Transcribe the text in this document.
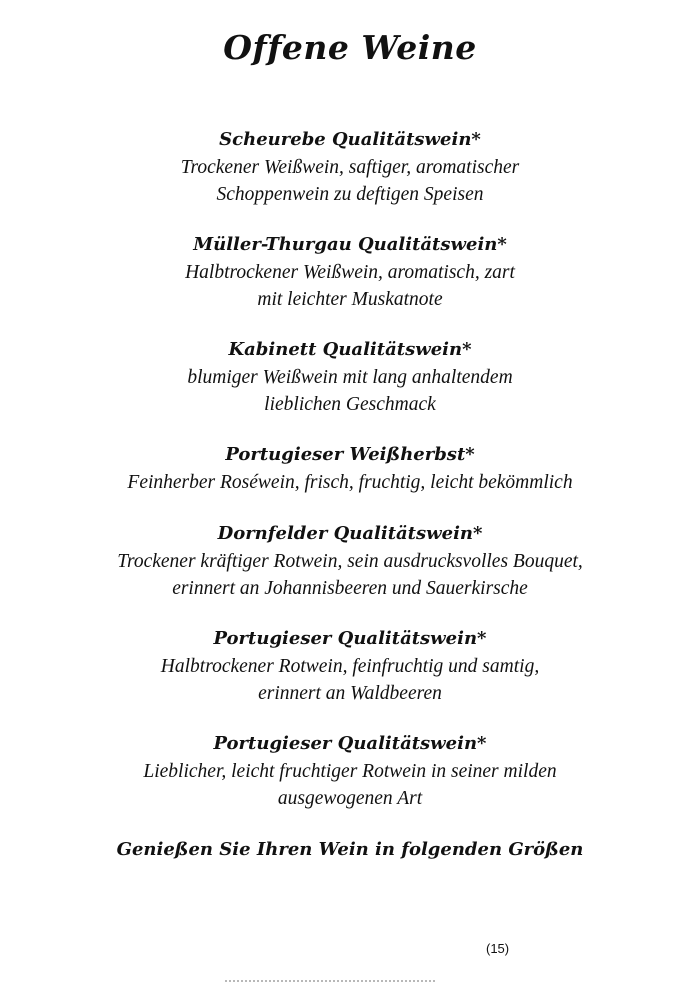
Offene Weine

Scheurebe Qualitätswein*

Trockener Weißwein, saftiger, aromatischer

Schoppenwein zu deftigen Speisen

Müller-Thurgau Qualitätswein*

Halbtrockener Weißwein, aromatisch, zart

mit leichter Muskatnote

Kabinett Qualitätswein*

blumiger Weißwein mit lang anhaltendem

lieblichen Geschmack

Portugieser Weißherbst*

Feinherber Roséwein, frisch, fruchtig, leicht bekömmlich

Dornfelder Qualitätswein*

Trockener kräftiger Rotwein, sein ausdrucksvolles Bouquet,

erinnert an Johannisbeeren und Sauerkirsche

Portugieser Qualitätswein*

Halbtrockener Rotwein, feinfruchtig und samtig,

erinnert an Waldbeeren

Portugieser Qualitätswein*

Lieblicher, leicht fruchtiger Rotwein in seiner milden

ausgewogenen Art

Genießen Sie Ihren Wein in folgenden Größen

(15)
